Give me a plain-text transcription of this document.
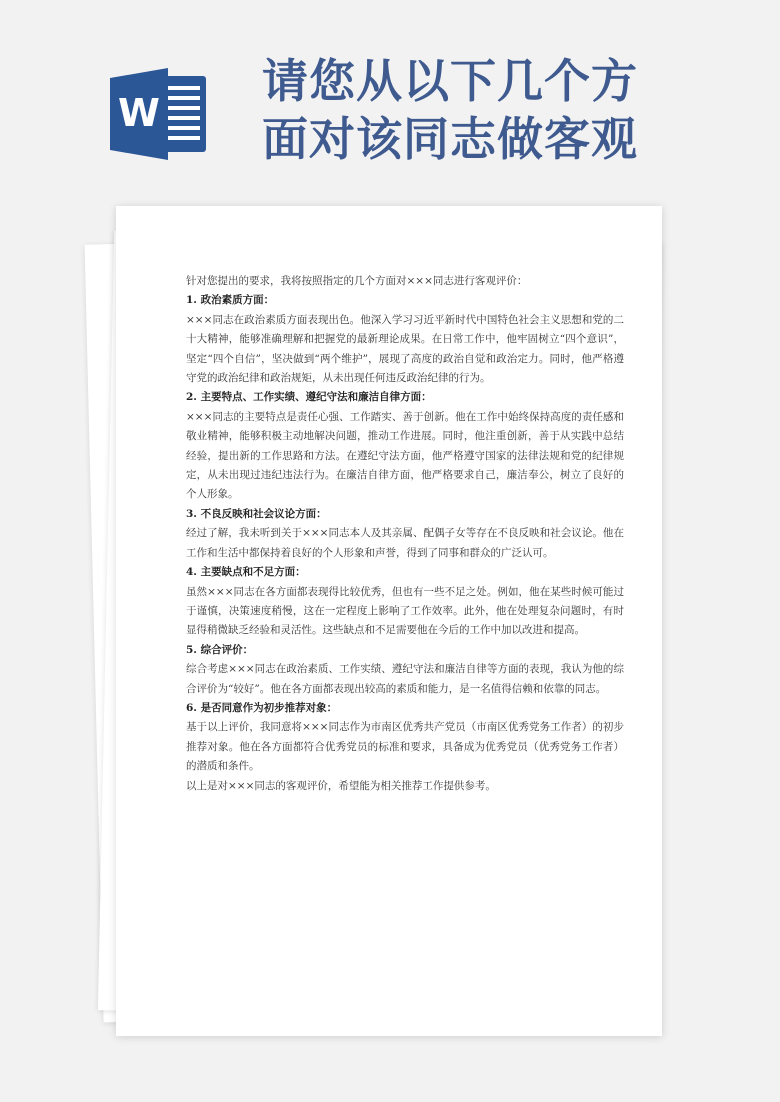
W
请您从以下几个方
面对该同志做客观

针对您提出的要求，我将按照指定的几个方面对×××同志进行客观评价：

1. 政治素质方面：

×××同志在政治素质方面表现出色。他深入学习习近平新时代中国特色社会主义思想和党的二十大精神，能够准确理解和把握党的最新理论成果。在日常工作中，他牢固树立“四个意识”，坚定“四个自信”，坚决做到“两个维护”，展现了高度的政治自觉和政治定力。同时，他严格遵守党的政治纪律和政治规矩，从未出现任何违反政治纪律的行为。

2. 主要特点、工作实绩、遵纪守法和廉洁自律方面：

×××同志的主要特点是责任心强、工作踏实、善于创新。他在工作中始终保持高度的责任感和敬业精神，能够积极主动地解决问题，推动工作进展。同时，他注重创新，善于从实践中总结经验，提出新的工作思路和方法。在遵纪守法方面，他严格遵守国家的法律法规和党的纪律规定，从未出现过违纪违法行为。在廉洁自律方面，他严格要求自己，廉洁奉公，树立了良好的个人形象。

3. 不良反映和社会议论方面：

经过了解，我未听到关于×××同志本人及其亲属、配偶子女等存在不良反映和社会议论。他在工作和生活中都保持着良好的个人形象和声誉，得到了同事和群众的广泛认可。

4. 主要缺点和不足方面：

虽然×××同志在各方面都表现得比较优秀，但也有一些不足之处。例如，他在某些时候可能过于谨慎，决策速度稍慢，这在一定程度上影响了工作效率。此外，他在处理复杂问题时，有时显得稍微缺乏经验和灵活性。这些缺点和不足需要他在今后的工作中加以改进和提高。

5. 综合评价：

综合考虑×××同志在政治素质、工作实绩、遵纪守法和廉洁自律等方面的表现，我认为他的综合评价为“较好”。他在各方面都表现出较高的素质和能力，是一名值得信赖和依靠的同志。

6. 是否同意作为初步推荐对象：

基于以上评价，我同意将×××同志作为市南区优秀共产党员（市南区优秀党务工作者）的初步推荐对象。他在各方面都符合优秀党员的标准和要求，具备成为优秀党员（优秀党务工作者）的潜质和条件。

以上是对×××同志的客观评价，希望能为相关推荐工作提供参考。
